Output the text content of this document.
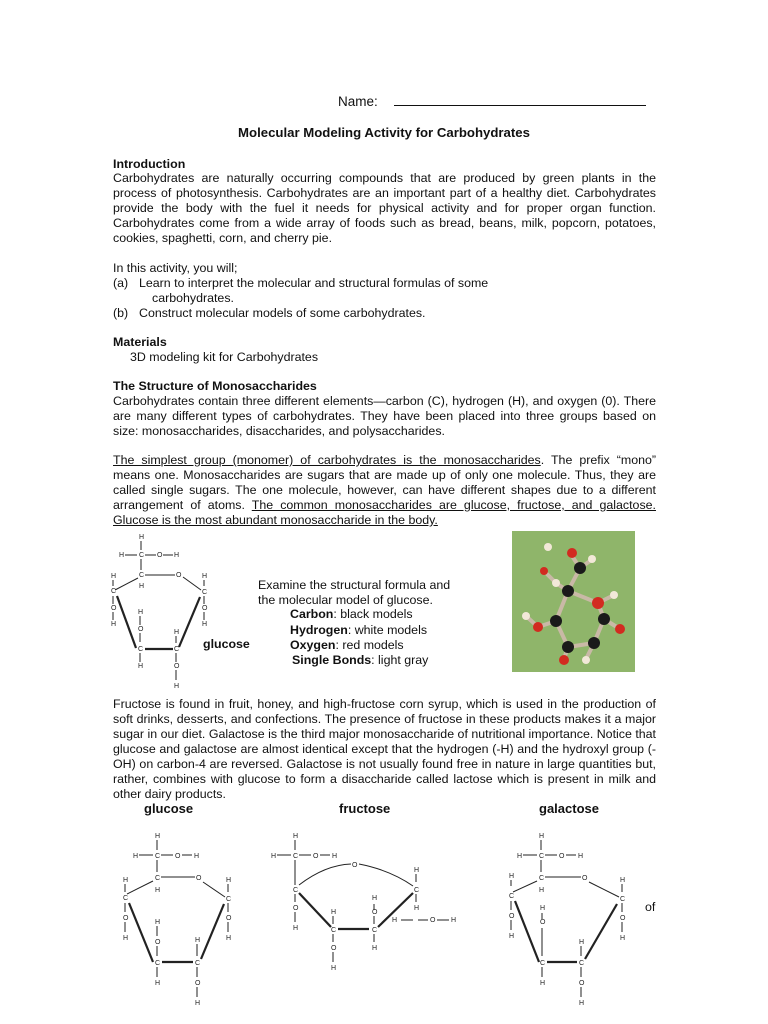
Name:
Molecular Modeling Activity for Carbohydrates
Introduction
Carbohydrates are naturally occurring compounds that are produced by green plants in the process of photosynthesis. Carbohydrates are an important part of a healthy diet. Carbohydrates provide the body with the fuel it needs for physical activity and for proper organ function. Carbohydrates come from a wide array of foods such as bread, beans, milk, popcorn, potatoes, cookies, spaghetti, corn, and cherry pie.
In this activity, you will;
(a) Learn to interpret the molecular and structural formulas of some
carbohydrates.
(b) Construct molecular models of some carbohydrates.
Materials
3D modeling kit for Carbohydrates
The Structure of Monosaccharides
Carbohydrates contain three different elements—carbon (C), hydrogen (H), and oxygen (0). There are many different types of carbohydrates. They have been placed into three groups based on size: monosaccharides, disaccharides, and polysaccharides.
The simplest group (monomer) of carbohydrates is the monosaccharides. The prefix “mono” means one. Monosaccharides are sugars that are made up of only one molecule. Thus, they are called single sugars. The one molecule, however, can have different shapes due to a different arrangement of atoms. The common monosaccharides are glucose, fructose, and galactose. Glucose is the most abundant monosaccharide in the body.
H
H C O H
H	C	O
H
C
H
C
O
H
O
H
H
O
C
H
C
H	O
H
glucose
Examine the structural formula and
the molecular model of glucose.
Carbon: black models
Hydrogen: white models
Oxygen: red models
Single Bonds: light gray
Fructose is found in fruit, honey, and high-fructose corn syrup, which is used in the production of soft drinks, desserts, and confections. The presence of fructose in these products makes it a major sugar in our diet. Galactose is the third major monosaccharide of nutritional importance. Notice that glucose and galactose are almost identical except that the hydrogen (-H) and the hydroxyl group (-OH) on carbon-4 are reversed. Galactose is not usually found free in nature in large quantities but, rather, combines with glucose to form a disaccharide called lactose which is present in milk and other dairy products.
glucose	fructose	galactose
of
H
H C O H
H	C	O
H
C
H
C
O
H
O
H
H
O
C
H
C
H	O
H
H
H C O H
C
O
H
C
O
H
H
H
C
O
H
C
H	O H
O
H
H
H
H C O H
H	C	O
H
C
H
C
O
H
O
H
O
H
C
H
C
H	O
H
